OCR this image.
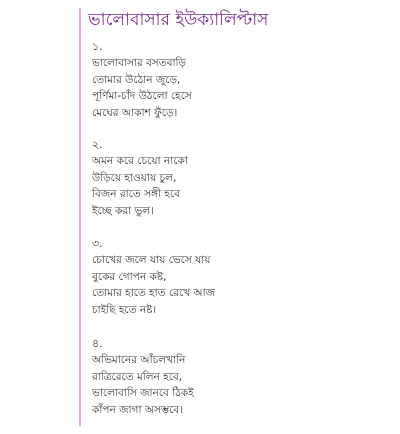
ভালোবাসার ইউক্যালিপ্টাস
১.
ভালোবাসার বসতবাড়ি
তোমার উঠোন জুড়ে,
পূর্ণিমা-চাঁদ উঠলো হেসে
মেঘের আকাশ ফুঁড়ে।
২.
অমন করে চেয়ো নাকো
উড়িয়ে হাওয়ায় চুল,
বিজন রাতে সঙ্গী হবে
ইচ্ছে করা ভুল।
৩.
চোখের জলে যায় ভেসে যায়
বুকের গোপন কষ্ট,
তোমার হাতে হাত রেখে আজ
চাইছি হতে নষ্ট।
৪.
অভিমানের আঁচলখানি
রাত্রিরেতে মলিন হবে,
ভালোবাসি জানবে ঠিকই
কাঁপন জাগা অসম্ভবে।
